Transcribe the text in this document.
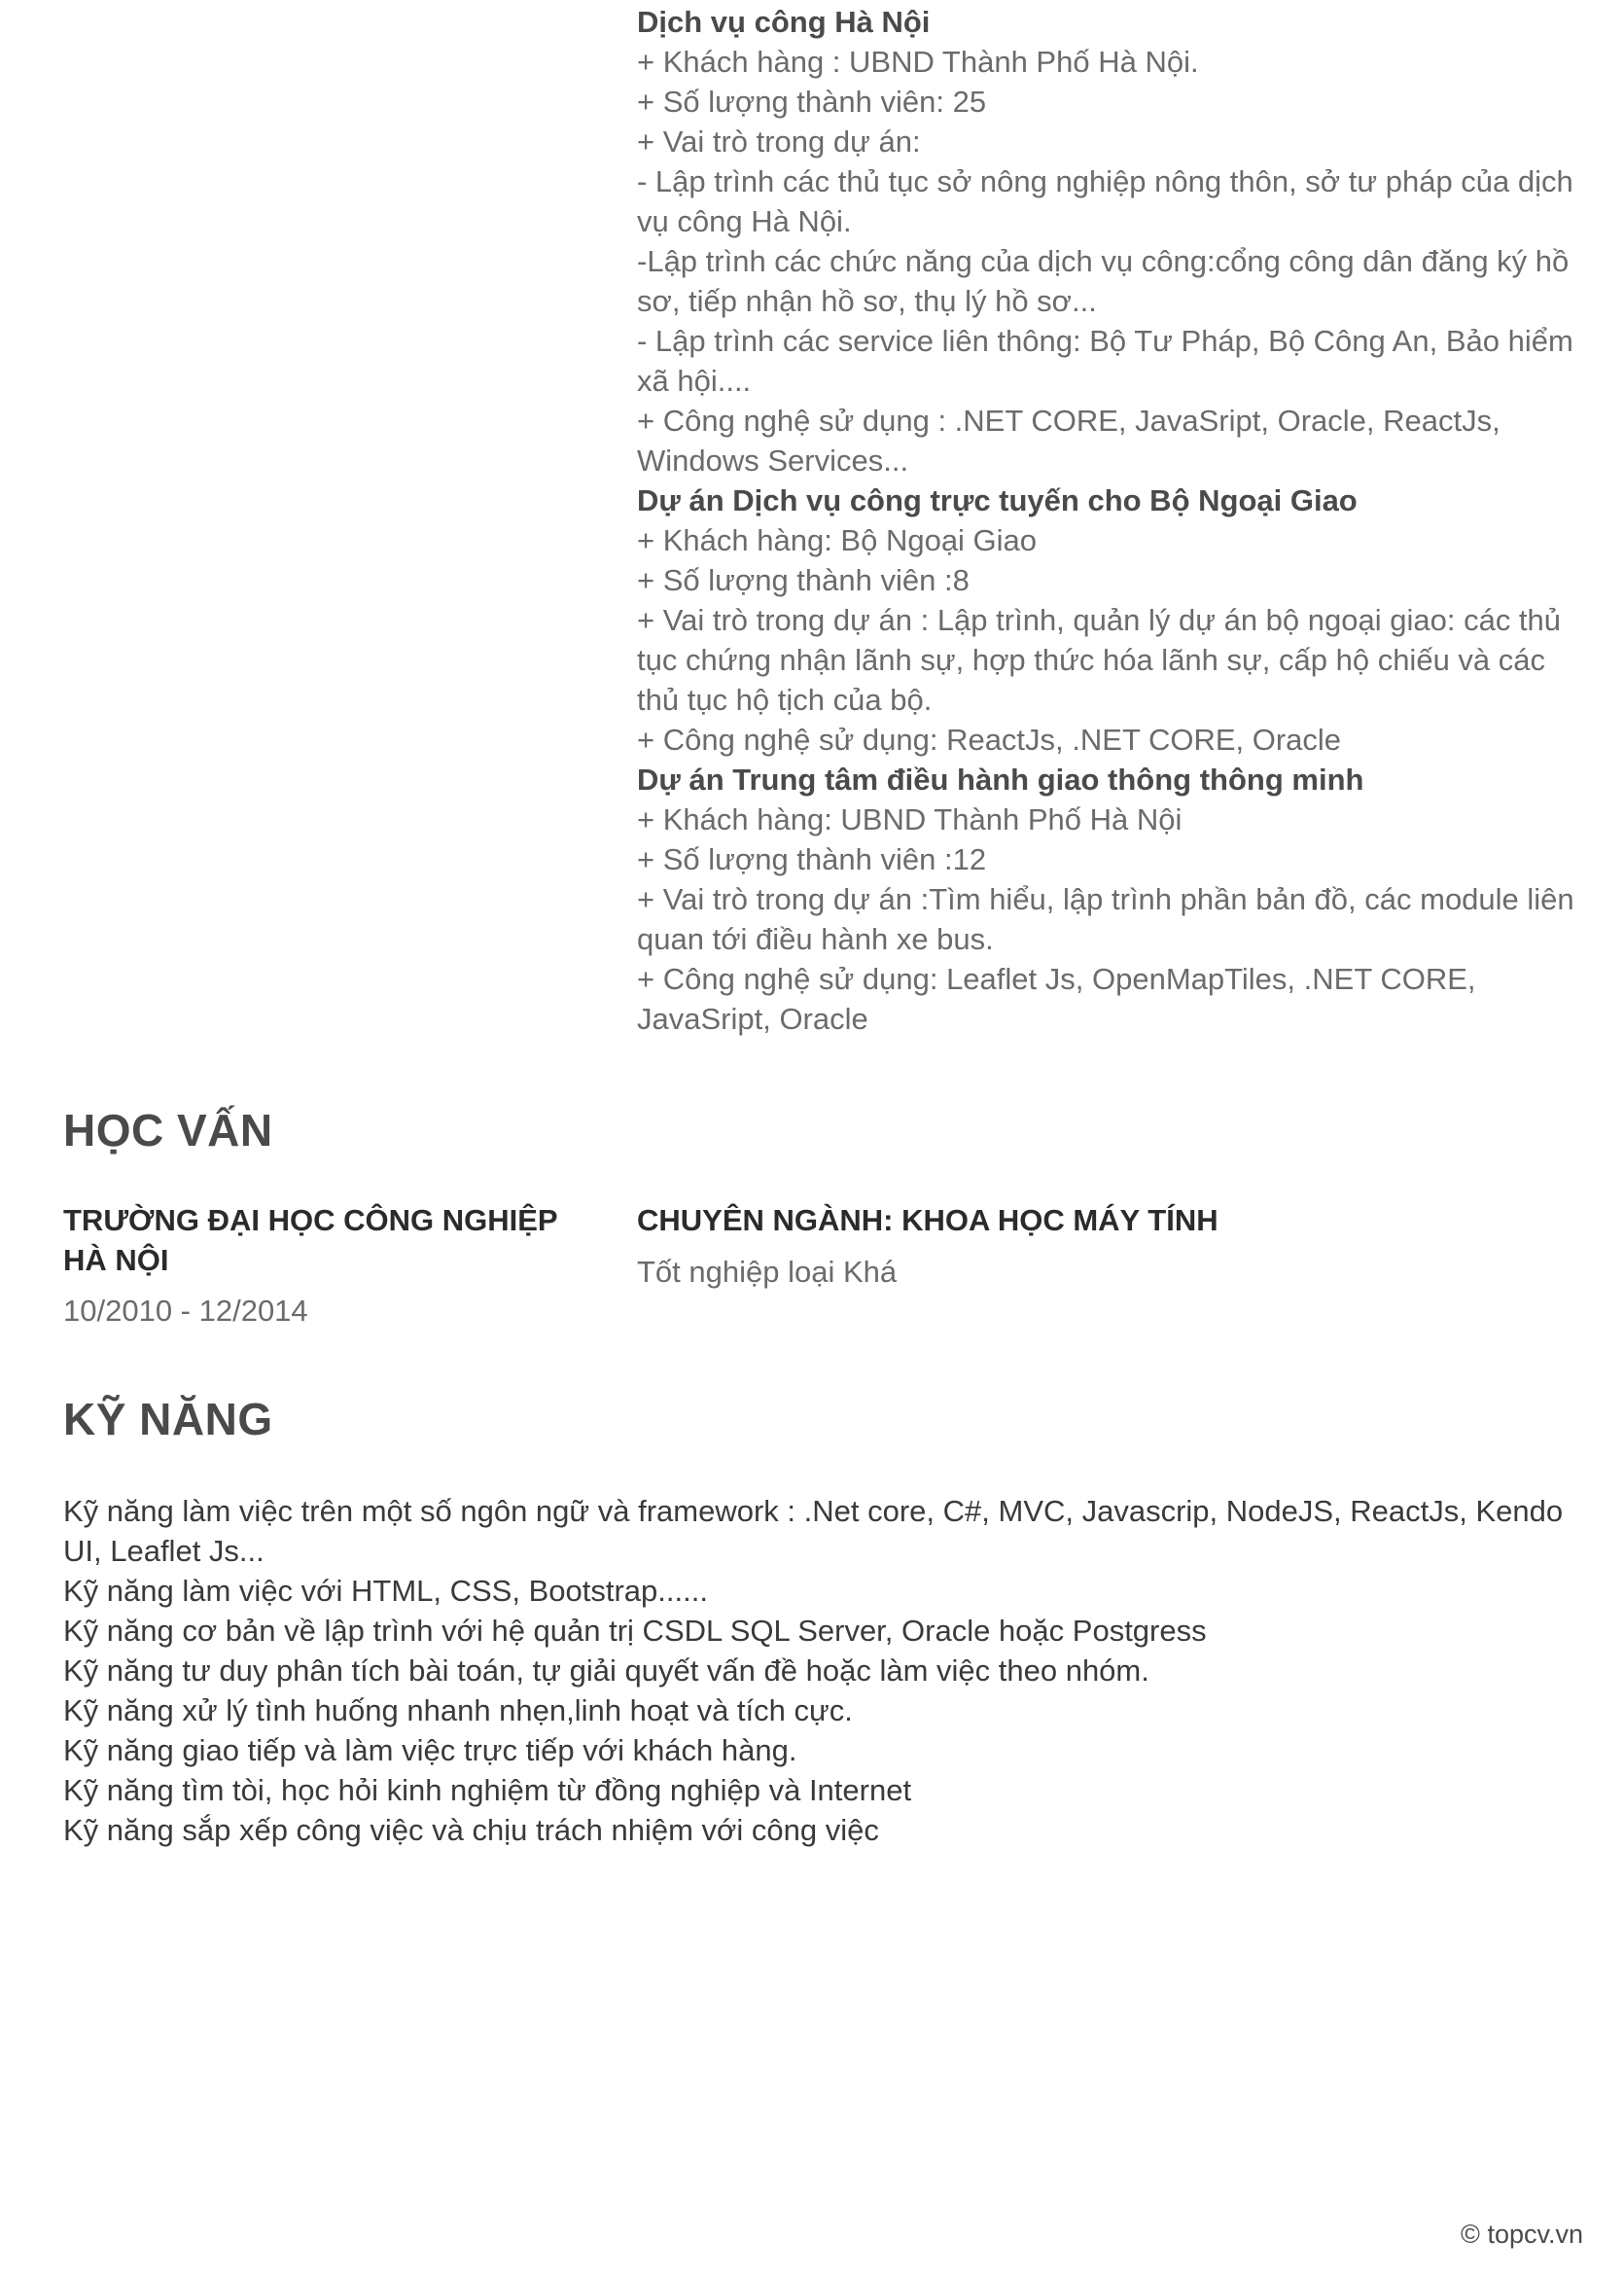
Dịch vụ công Hà Nội
+ Khách hàng : UBND Thành Phố Hà Nội.
+ Số lượng thành viên: 25
+ Vai trò trong dự án:
- Lập trình các thủ tục sở nông nghiệp nông thôn, sở tư pháp của dịch vụ công Hà Nội.
-Lập trình các chức năng của dịch vụ công:cổng công dân đăng ký hồ sơ, tiếp nhận hồ sơ, thụ lý hồ sơ...
- Lập trình các service liên thông: Bộ Tư Pháp, Bộ Công An, Bảo hiểm xã hội....
+ Công nghệ sử dụng : .NET CORE, JavaSript, Oracle, ReactJs, Windows Services...
Dự án Dịch vụ công trực tuyến cho Bộ Ngoại Giao
+ Khách hàng: Bộ Ngoại Giao
+ Số lượng thành viên :8
+ Vai trò trong dự án : Lập trình, quản lý dự án bộ ngoại giao: các thủ tục chứng nhận lãnh sự, hợp thức hóa lãnh sự, cấp hộ chiếu và các thủ tục hộ tịch của bộ.
+ Công nghệ sử dụng: ReactJs, .NET CORE, Oracle
Dự án Trung tâm điều hành giao thông thông minh
+ Khách hàng: UBND Thành Phố Hà Nội
+ Số lượng thành viên :12
+ Vai trò trong dự án :Tìm hiểu, lập trình phần bản đồ, các module liên quan tới điều hành xe bus.
+ Công nghệ sử dụng: Leaflet Js, OpenMapTiles, .NET CORE, JavaSript, Oracle
HỌC VẤN
TRƯỜNG ĐẠI HỌC CÔNG NGHIỆP HÀ NỘI
10/2010 - 12/2014
CHUYÊN NGÀNH: KHOA HỌC MÁY TÍNH
Tốt nghiệp loại Khá
KỸ NĂNG
Kỹ năng làm việc trên một số ngôn ngữ và framework : .Net core, C#, MVC, Javascrip, NodeJS, ReactJs, Kendo UI, Leaflet Js...
Kỹ năng làm việc với HTML, CSS, Bootstrap......
Kỹ năng cơ bản về lập trình với hệ quản trị CSDL SQL Server, Oracle hoặc Postgress
Kỹ năng tư duy phân tích bài toán, tự giải quyết vấn đề hoặc làm việc theo nhóm.
Kỹ năng xử lý tình huống nhanh nhẹn,linh hoạt và tích cực.
Kỹ năng giao tiếp và làm việc trực tiếp với khách hàng.
Kỹ năng tìm tòi, học hỏi kinh nghiệm từ đồng nghiệp và Internet
Kỹ năng sắp xếp công việc và chịu trách nhiệm với công việc
© topcv.vn
